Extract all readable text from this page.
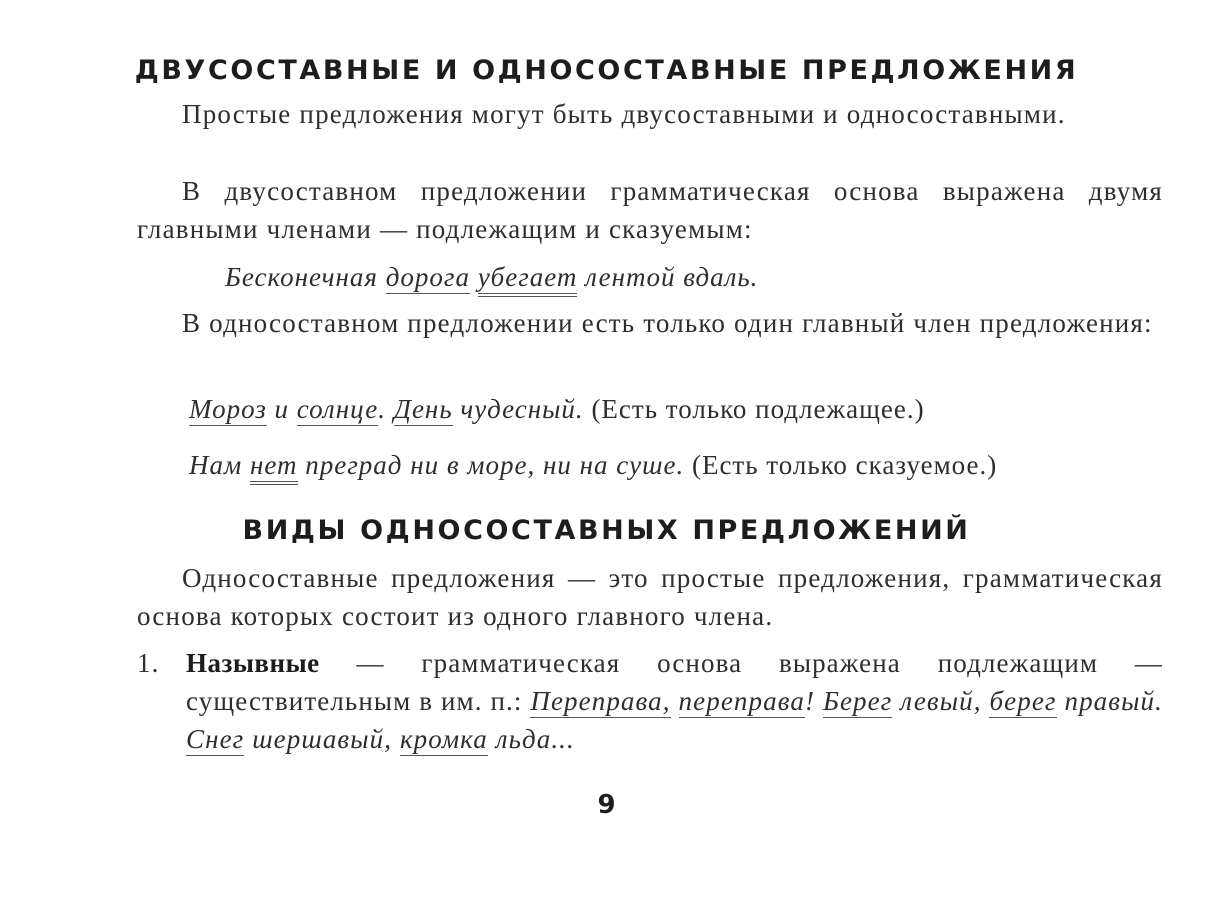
ДВУСОСТАВНЫЕ И ОДНОСОСТАВНЫЕ ПРЕДЛОЖЕНИЯ
Простые предложения могут быть двусоставными и односоставными.
В двусоставном предложении грамматическая основа выражена двумя главными членами — подлежащим и сказуемым:
Бесконечная дорога убегает лентой вдаль.
В односоставном предложении есть только один главный член предложения:
Мороз и солнце. День чудесный. (Есть только подлежащее.)
Нам нет преград ни в море, ни на суше. (Есть только сказуемое.)
ВИДЫ ОДНОСОСТАВНЫХ ПРЕДЛОЖЕНИЙ
Односоставные предложения — это простые предложения, грамматическая основа которых состоит из одного главного члена.
1. Назывные — грамматическая основа выражена подлежащим — существительным в им. п.: Переправа, переправа! Берег левый, берег правый. Снег шершавый, кромка льда...
9
